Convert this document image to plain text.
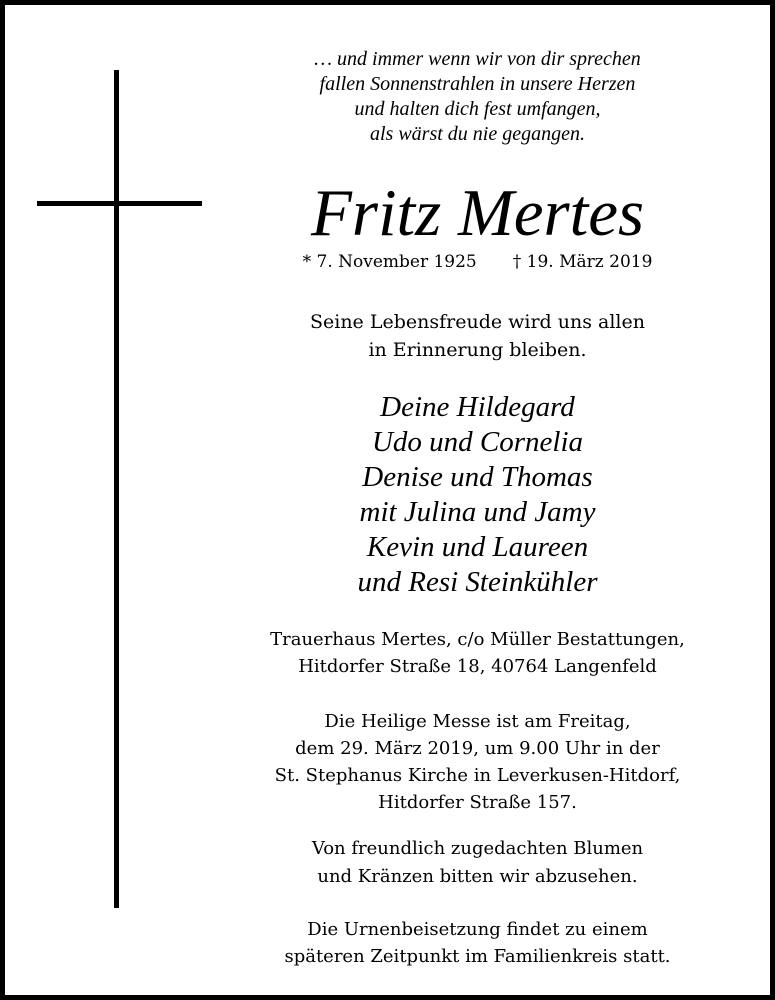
… und immer wenn wir von dir sprechen
fallen Sonnenstrahlen in unsere Herzen
und halten dich fest umfangen,
als wärst du nie gegangen.
Fritz Mertes
* 7. November 1925 † 19. März 2019
Seine Lebensfreude wird uns allen
in Erinnerung bleiben.
Deine Hildegard
Udo und Cornelia
Denise und Thomas
mit Julina und Jamy
Kevin und Laureen
und Resi Steinkühler
Trauerhaus Mertes, c/o Müller Bestattungen,
Hitdorfer Straße 18, 40764 Langenfeld
Die Heilige Messe ist am Freitag,
dem 29. März 2019, um 9.00 Uhr in der
St. Stephanus Kirche in Leverkusen-Hitdorf,
Hitdorfer Straße 157.
Von freundlich zugedachten Blumen
und Kränzen bitten wir abzusehen.
Die Urnenbeisetzung findet zu einem
späteren Zeitpunkt im Familienkreis statt.
